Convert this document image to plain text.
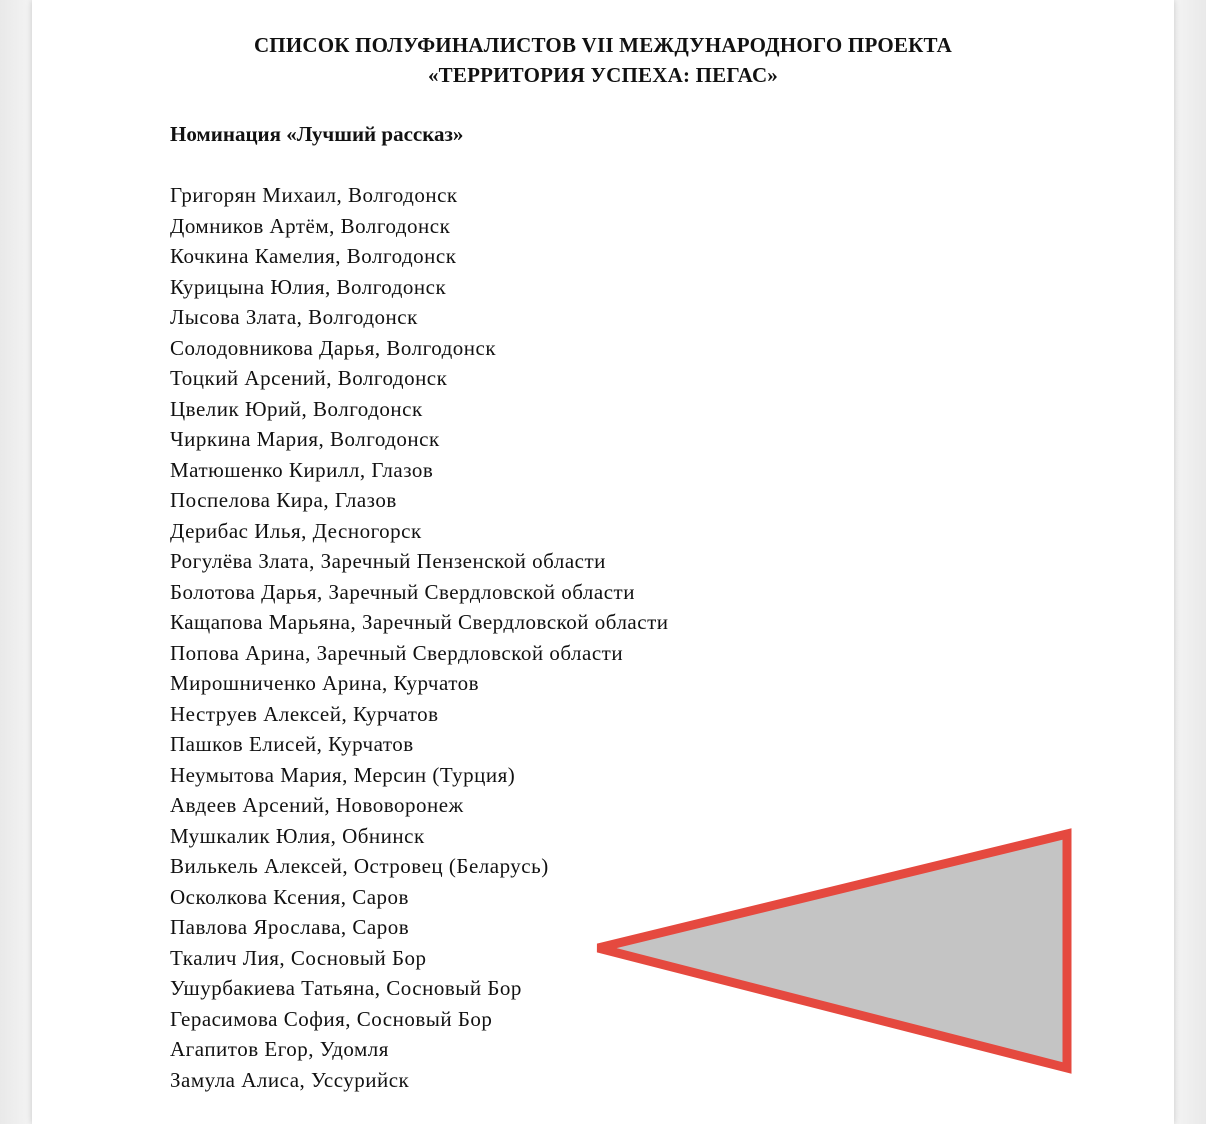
СПИСОК ПОЛУФИНАЛИСТОВ VII МЕЖДУНАРОДНОГО ПРОЕКТА
«ТЕРРИТОРИЯ УСПЕХА: ПЕГАС»
Номинация «Лучший рассказ»
Григорян Михаил, Волгодонск
Домников Артём, Волгодонск
Кочкина Камелия, Волгодонск
Курицына Юлия, Волгодонск
Лысова Злата, Волгодонск
Солодовникова Дарья, Волгодонск
Тоцкий Арсений, Волгодонск
Цвелик Юрий, Волгодонск
Чиркина Мария, Волгодонск
Матюшенко Кирилл, Глазов
Поспелова Кира, Глазов
Дерибас Илья, Десногорск
Рогулёва Злата, Заречный Пензенской области
Болотова Дарья, Заречный Свердловской области
Кащапова Марьяна, Заречный Свердловской области
Попова Арина, Заречный Свердловской области
Мирошниченко Арина, Курчатов
Неструев Алексей, Курчатов
Пашков Елисей, Курчатов
Неумытова Мария, Мерсин (Турция)
Авдеев Арсений, Нововоронеж
Мушкалик Юлия, Обнинск
Вилькель Алексей, Островец (Беларусь)
Осколкова Ксения, Саров
Павлова Ярослава, Саров
Ткалич Лия, Сосновый Бор
Ушурбакиева Татьяна, Сосновый Бор
Герасимова София, Сосновый Бор
Агапитов Егор, Удомля
Замула Алиса, Уссурийск
